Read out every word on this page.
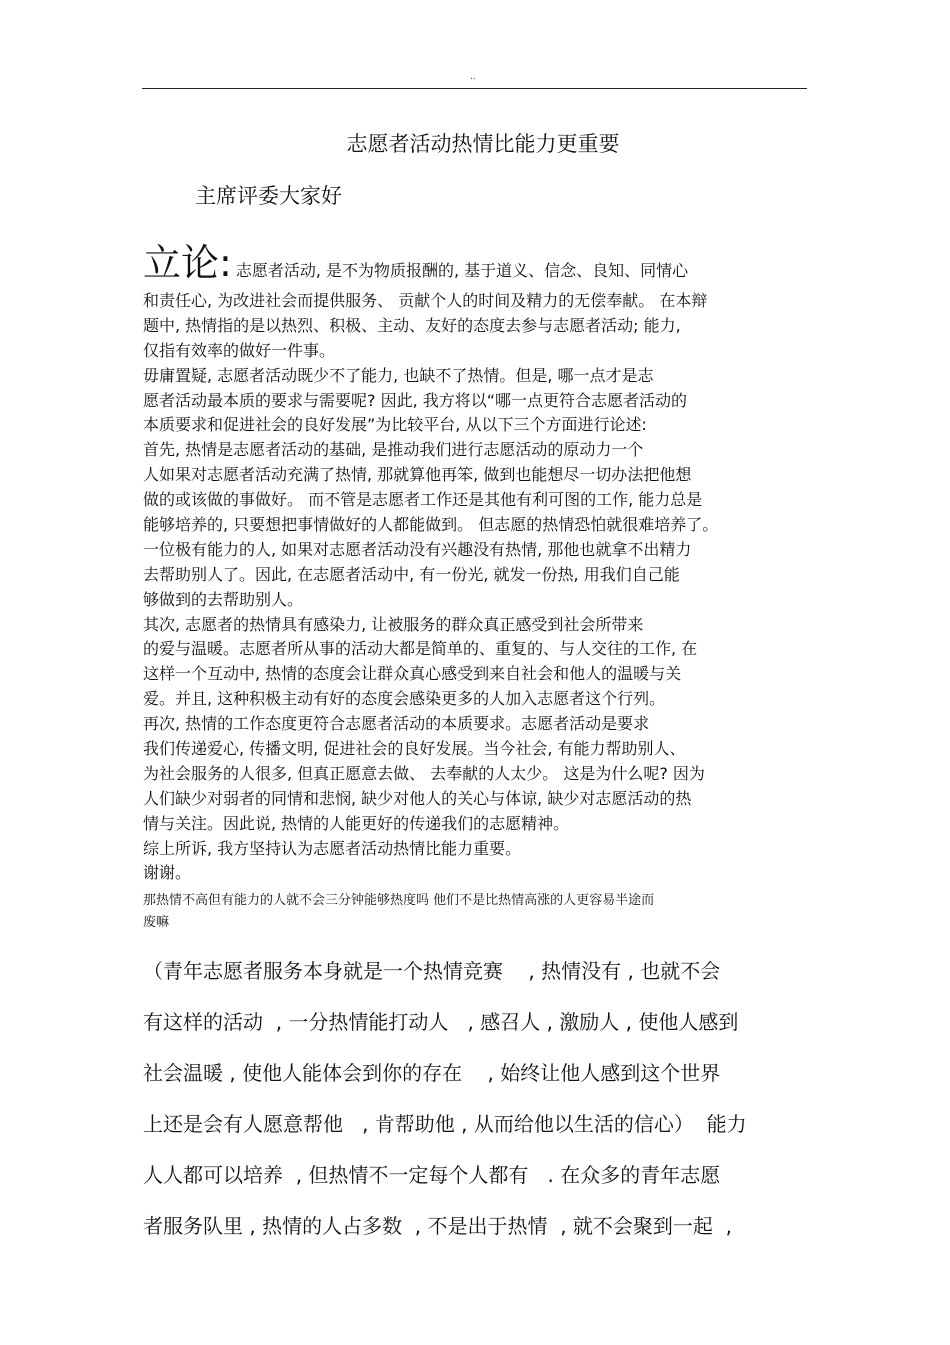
..
志愿者活动热情比能力更重要
主席评委大家好
立论: 志愿者活动, 是不为物质报酬的, 基于道义、信念、良知、同情心
和责任心, 为改进社会而提供服务、 贡献个人的时间及精力的无偿奉献。 在本辩
题中, 热情指的是以热烈、积极、主动、友好的态度去参与志愿者活动; 能力,
仅指有效率的做好一件事。
毋庸置疑, 志愿者活动既少不了能力, 也缺不了热情。但是, 哪一点才是志
愿者活动最本质的要求与需要呢? 因此, 我方将以“哪一点更符合志愿者活动的
本质要求和促进社会的良好发展”为比较平台, 从以下三个方面进行论述:
首先, 热情是志愿者活动的基础, 是推动我们进行志愿活动的原动力一个
人如果对志愿者活动充满了热情, 那就算他再笨, 做到也能想尽一切办法把他想
做的或该做的事做好。 而不管是志愿者工作还是其他有利可图的工作, 能力总是
能够培养的, 只要想把事情做好的人都能做到。 但志愿的热情恐怕就很难培养了。
一位极有能力的人, 如果对志愿者活动没有兴趣没有热情, 那他也就拿不出精力
去帮助别人了。因此, 在志愿者活动中, 有一份光, 就发一份热, 用我们自己能
够做到的去帮助别人。
其次, 志愿者的热情具有感染力, 让被服务的群众真正感受到社会所带来
的爱与温暖。志愿者所从事的活动大都是简单的、重复的、与人交往的工作, 在
这样一个互动中, 热情的态度会让群众真心感受到来自社会和他人的温暖与关
爱。并且, 这种积极主动有好的态度会感染更多的人加入志愿者这个行列。
再次, 热情的工作态度更符合志愿者活动的本质要求。志愿者活动是要求
我们传递爱心, 传播文明, 促进社会的良好发展。当今社会, 有能力帮助别人、
为社会服务的人很多, 但真正愿意去做、 去奉献的人太少。 这是为什么呢? 因为
人们缺少对弱者的同情和悲悯, 缺少对他人的关心与体谅, 缺少对志愿活动的热
情与关注。因此说, 热情的人能更好的传递我们的志愿精神。
综上所诉, 我方坚持认为志愿者活动热情比能力重要。
谢谢。
那热情不高但有能力的人就不会三分钟能够热度吗 他们不是比热情高涨的人更容易半途而
废嘛
（青年志愿者服务本身就是一个热情竞赛    , 热情没有 , 也就不会
有这样的活动  , 一分热情能打动人   , 感召人 , 激励人 , 使他人感到
社会温暖 , 使他人能体会到你的存在    , 始终让他人感到这个世界
上还是会有人愿意帮他   , 肯帮助他 , 从而给他以生活的信心）  能力
人人都可以培养  , 但热情不一定每个人都有   . 在众多的青年志愿
者服务队里 , 热情的人占多数  , 不是出于热情  , 就不会聚到一起  ,
